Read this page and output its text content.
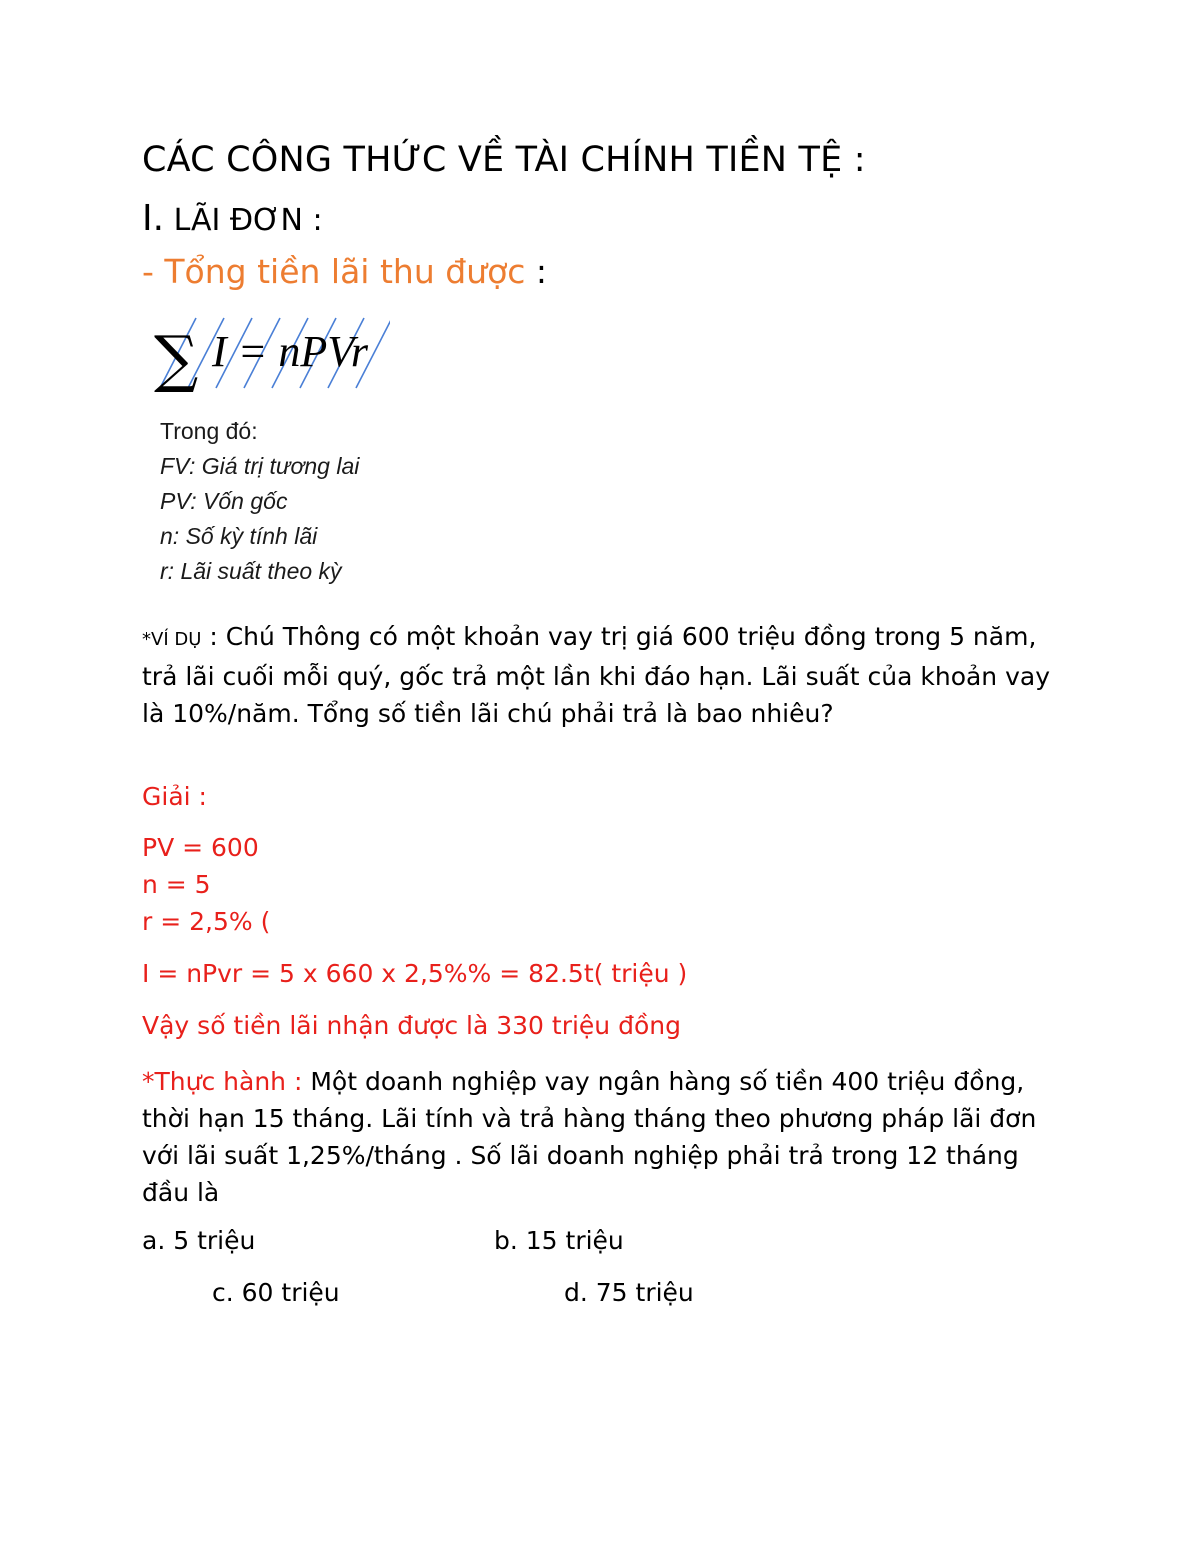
CÁC CÔNG THỨC VỀ TÀI CHÍNH TIỀN TỆ :
I. LÃI ĐƠN :
- Tổng tiền lãi thu được :
∑ I = nPVr
Trong đó:
FV: Giá trị tương lai
PV: Vốn gốc
n: Số kỳ tính lãi
r: Lãi suất theo kỳ
*VÍ DỤ : Chú Thông có một khoản vay trị giá 600 triệu đồng trong 5 năm, trả lãi cuối mỗi quý, gốc trả một lần khi đáo hạn. Lãi suất của khoản vay là 10%/năm. Tổng số tiền lãi chú phải trả là bao nhiêu?
Giải :
PV = 600
n = 5
r = 2,5% (
I = nPvr = 5 x 660 x 2,5%% = 82.5t( triệu )
Vậy số tiền lãi nhận được là 330 triệu đồng
*Thực hành : Một doanh nghiệp vay ngân hàng số tiền 400 triệu đồng, thời hạn 15 tháng. Lãi tính và trả hàng tháng theo phương pháp lãi đơn với lãi suất 1,25%/tháng . Số lãi doanh nghiệp phải trả trong 12 tháng đầu là
a. 5 triệu	b. 15 triệu
c. 60 triệu	d. 75 triệu
